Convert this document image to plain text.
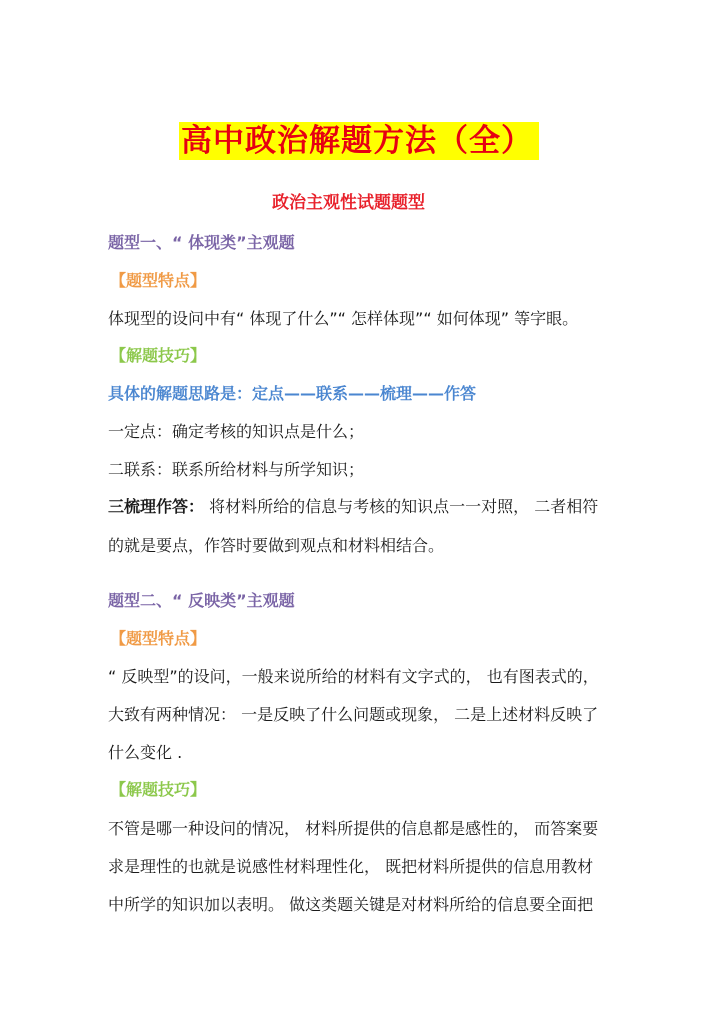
高中政治解题方法（全）
政治主观性试题题型
题型一、“ 体现类”主观题
【题型特点】
体现型的设问中有“ 体现了什么”“ 怎样体现”“ 如何体现” 等字眼。
【解题技巧】
具体的解题思路是：定点——联系——梳理——作答
一定点：确定考核的知识点是什么；
二联系：联系所给材料与所学知识；
三梳理作答： 将材料所给的信息与考核的知识点一一对照， 二者相符
的就是要点，作答时要做到观点和材料相结合。
题型二、“ 反映类”主观题
【题型特点】
“ 反映型”的设问，一般来说所给的材料有文字式的， 也有图表式的，
大致有两种情况： 一是反映了什么问题或现象， 二是上述材料反映了
什么变化 .
【解题技巧】
不管是哪一种设问的情况， 材料所提供的信息都是感性的， 而答案要
求是理性的也就是说感性材料理性化， 既把材料所提供的信息用教材
中所学的知识加以表明。 做这类题关键是对材料所给的信息要全面把
